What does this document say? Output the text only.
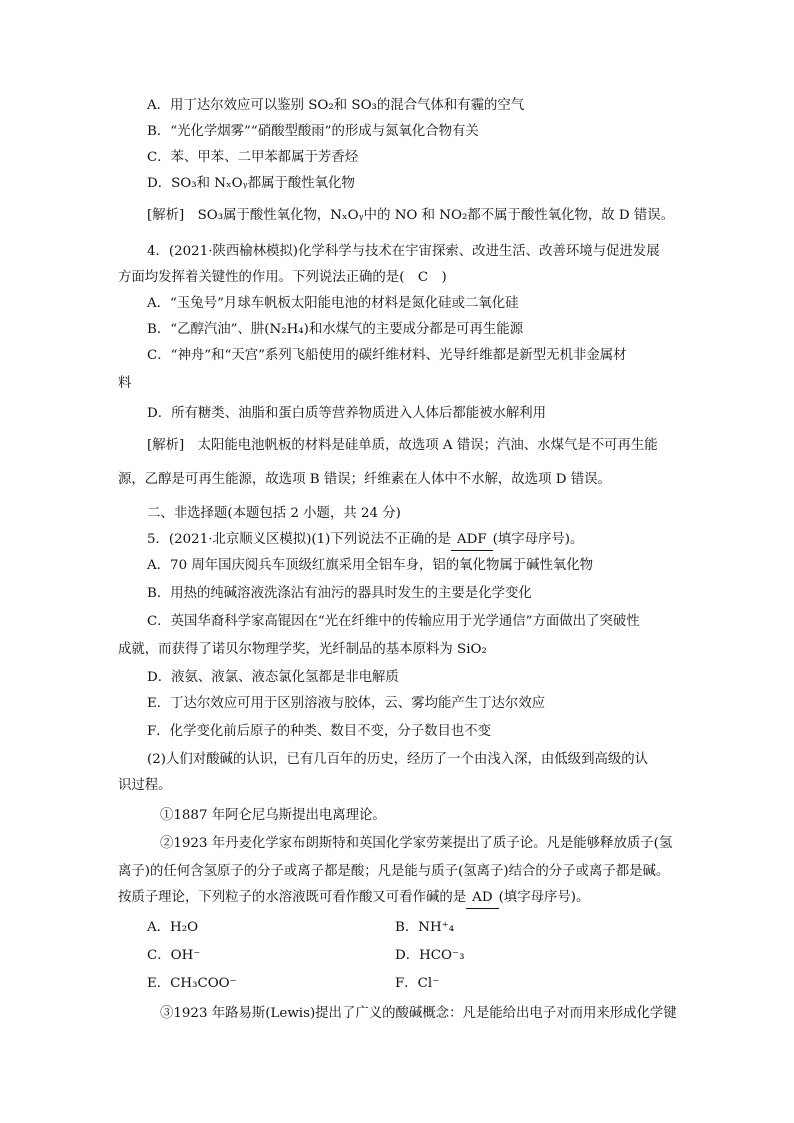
A．用丁达尔效应可以鉴别 SO₂和 SO₃的混合气体和有霾的空气
B．“光化学烟雾”“硝酸型酸雨”的形成与氮氧化合物有关
C．苯、甲苯、二甲苯都属于芳香烃
D．SO₃和 NₓOᵧ都属于酸性氧化物
[解析]　SO₃属于酸性氧化物，NₓOᵧ中的 NO 和 NO₂都不属于酸性氧化物，故 D 错误。
4．(2021·陕西榆林模拟)化学科学与技术在宇宙探索、改进生活、改善环境与促进发展
方面均发挥着关键性的作用。下列说法正确的是(　C　)
A．“玉兔号”月球车帆板太阳能电池的材料是氮化硅或二氧化硅
B．“乙醇汽油”、肼(N₂H₄)和水煤气的主要成分都是可再生能源
C．“神舟”和“天宫”系列飞船使用的碳纤维材料、光导纤维都是新型无机非金属材
料
D．所有糖类、油脂和蛋白质等营养物质进入人体后都能被水解利用
[解析]　太阳能电池帆板的材料是硅单质，故选项 A 错误；汽油、水煤气是不可再生能
源，乙醇是可再生能源，故选项 B 错误；纤维素在人体中不水解，故选项 D 错误。
二、非选择题(本题包括 2 小题，共 24 分)
5．(2021·北京顺义区模拟)(1)下列说法不正确的是 ADF (填字母序号)。
A．70 周年国庆阅兵车顶级红旗采用全铝车身，铝的氧化物属于碱性氧化物
B．用热的纯碱溶液洗涤沾有油污的器具时发生的主要是化学变化
C．英国华裔科学家高锟因在“光在纤维中的传输应用于光学通信”方面做出了突破性
成就，而获得了诺贝尔物理学奖，光纤制品的基本原料为 SiO₂
D．液氨、液氯、液态氯化氢都是非电解质
E．丁达尔效应可用于区别溶液与胶体，云、雾均能产生丁达尔效应
F．化学变化前后原子的种类、数目不变，分子数目也不变
(2)人们对酸碱的认识，已有几百年的历史，经历了一个由浅入深，由低级到高级的认
识过程。
①1887 年阿仑尼乌斯提出电离理论。
②1923 年丹麦化学家布朗斯特和英国化学家劳莱提出了质子论。凡是能够释放质子(氢
离子)的任何含氢原子的分子或离子都是酸；凡是能与质子(氢离子)结合的分子或离子都是碱。
按质子理论，下列粒子的水溶液既可看作酸又可看作碱的是 AD (填字母序号)。
A．H₂O	B．NH⁺₄
C．OH⁻	D．HCO⁻₃
E．CH₃COO⁻	F．Cl⁻
③1923 年路易斯(Lewis)提出了广义的酸碱概念：凡是能给出电子对而用来形成化学键
